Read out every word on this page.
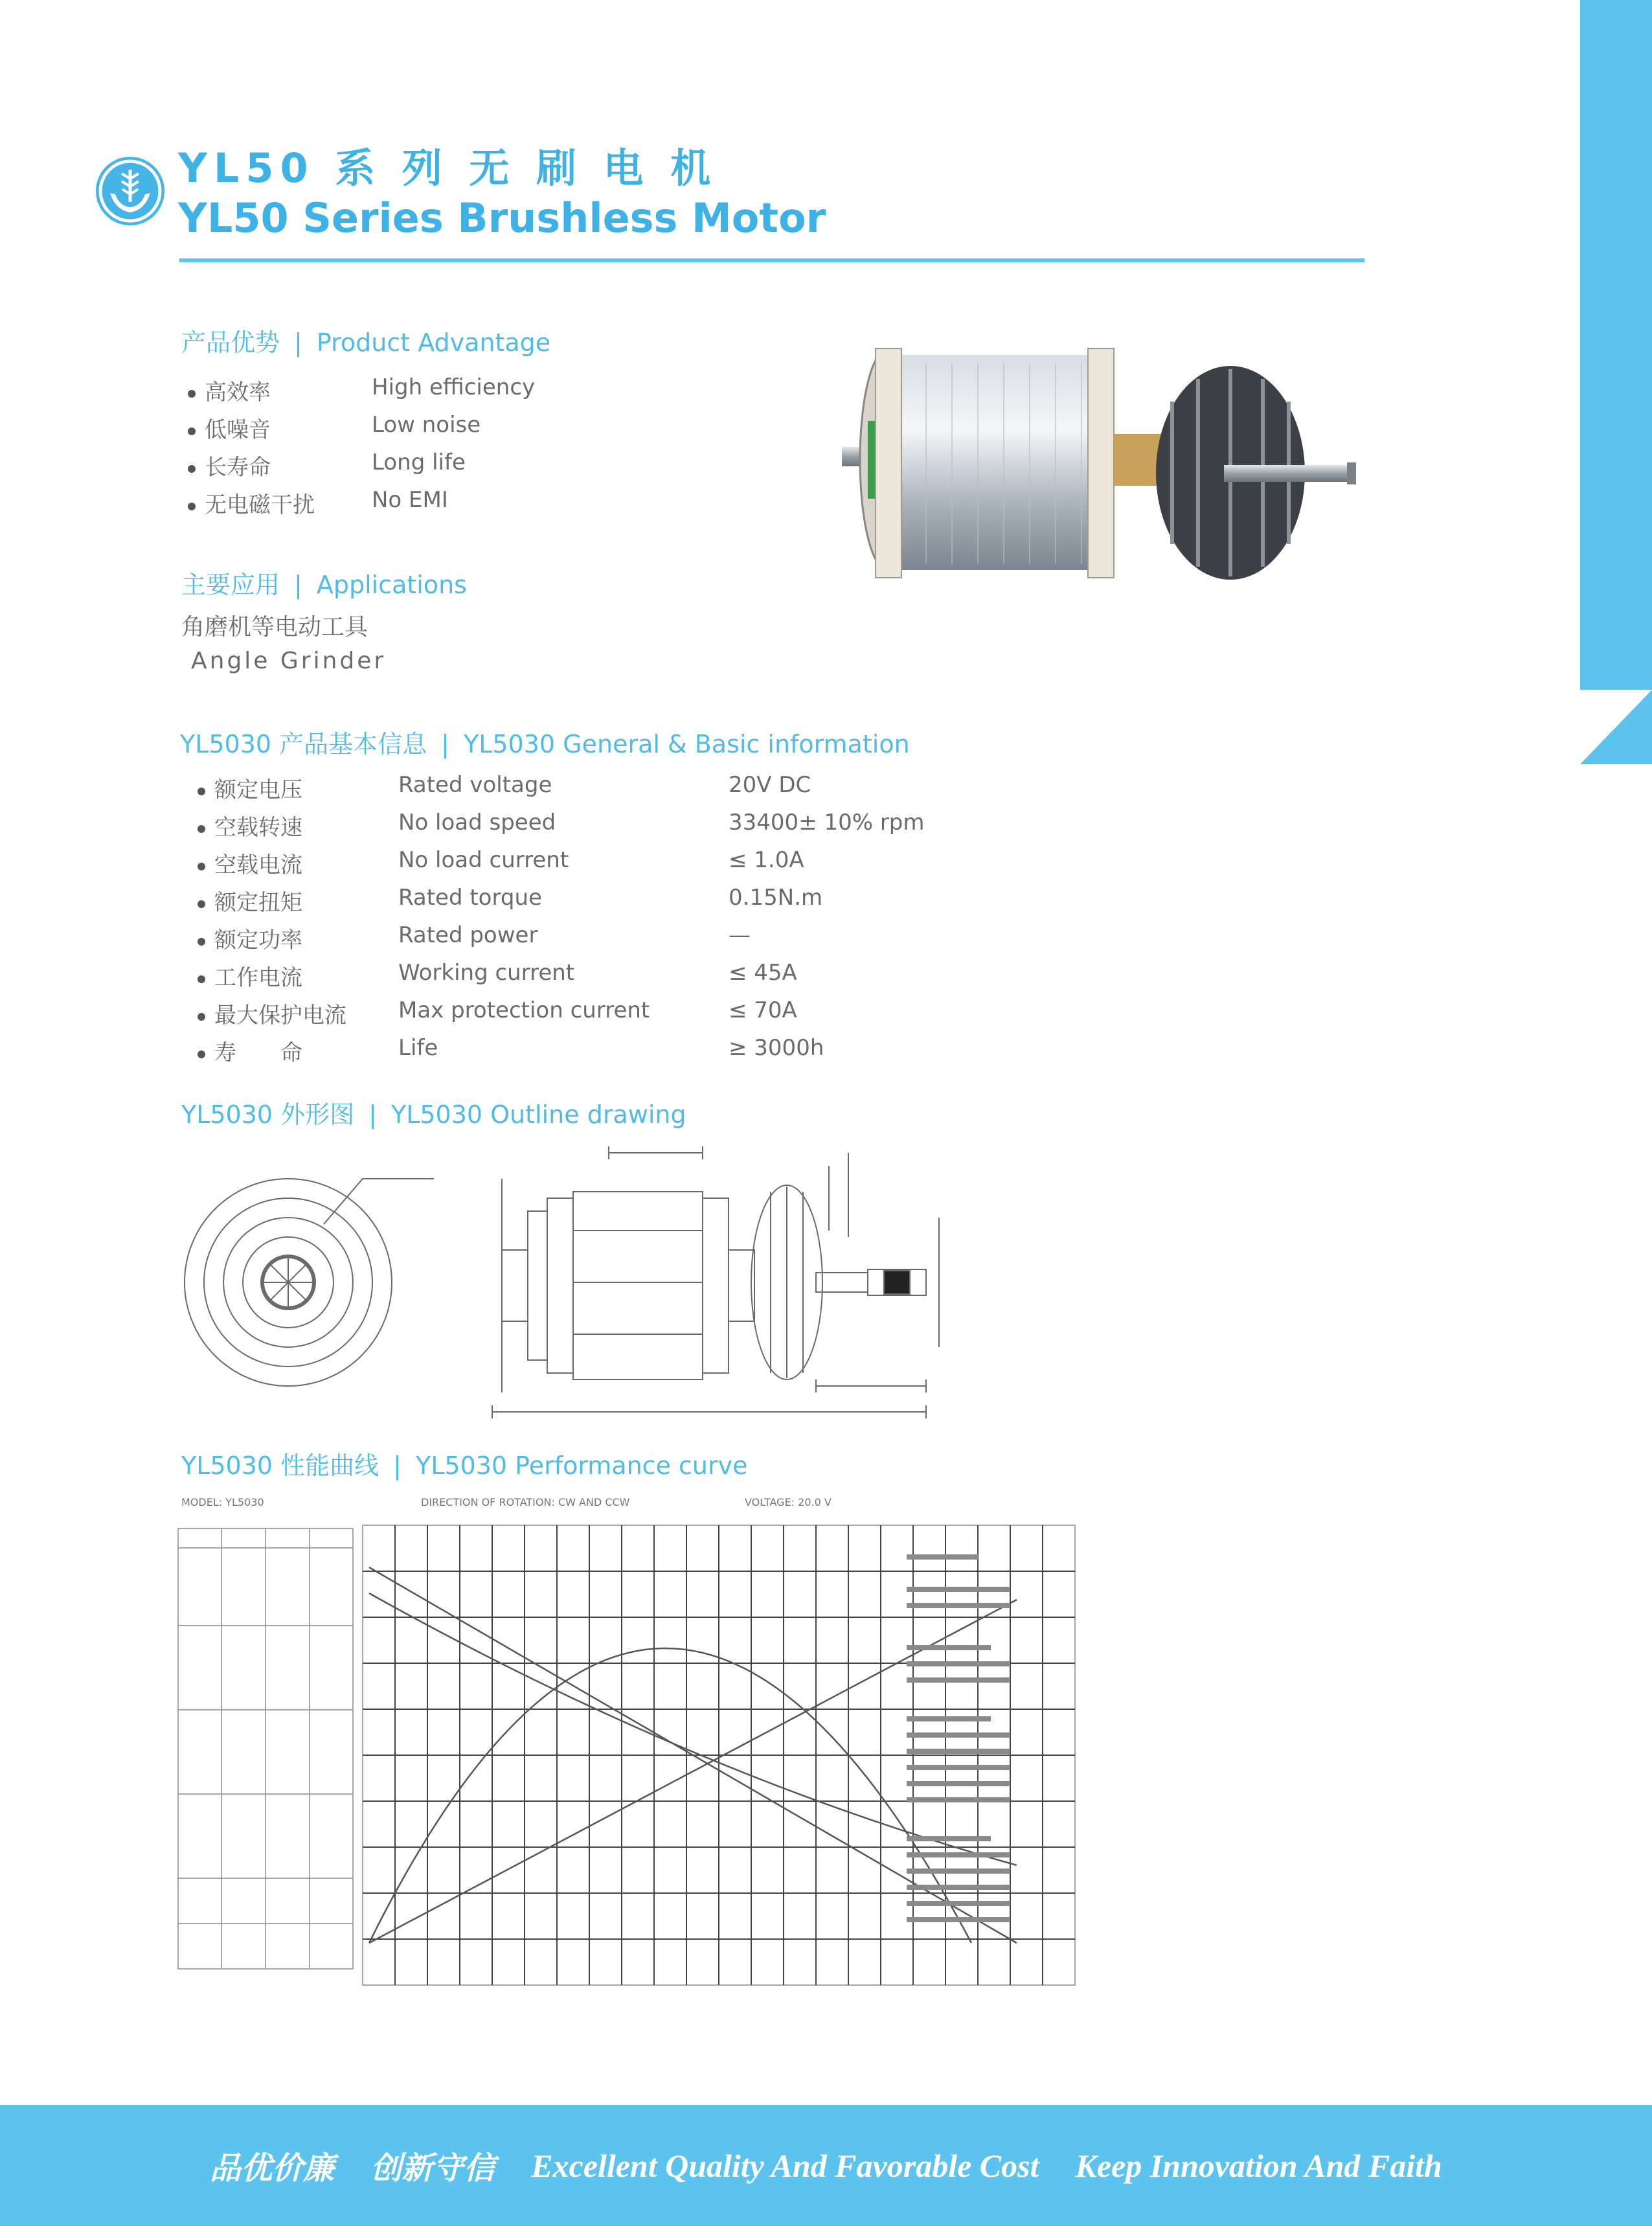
YL50 系 列 无 刷 电 机
YL50 Series Brushless Motor
产品优势 | Product Advantage
高效率	High efficiency
低噪音	Low noise
长寿命	Long life
无电磁干扰	No EMI
主要应用 | Applications
角磨机等电动工具
Angle Grinder
YL5030 产品基本信息 | YL5030 General & Basic information
额定电压	Rated voltage	20V DC
空载转速	No load speed	33400± 10% rpm
空载电流	No load current	≤ 1.0A
额定扭矩	Rated torque	0.15N.m
额定功率	Rated power	—
工作电流	Working current	≤ 45A
最大保护电流 Max protection current	≤ 70A
寿　　命	Life	≥ 3000h
YL5030 外形图 | YL5030 Outline drawing
YL5030 性能曲线 | YL5030 Performance curve
MODEL: YL5030	DIRECTION OF ROTATION: CW AND CCW	VOLTAGE: 20.0 V
品优价廉 创新守信 Excellent Quality And Favorable Cost Keep Innovation And Faith
